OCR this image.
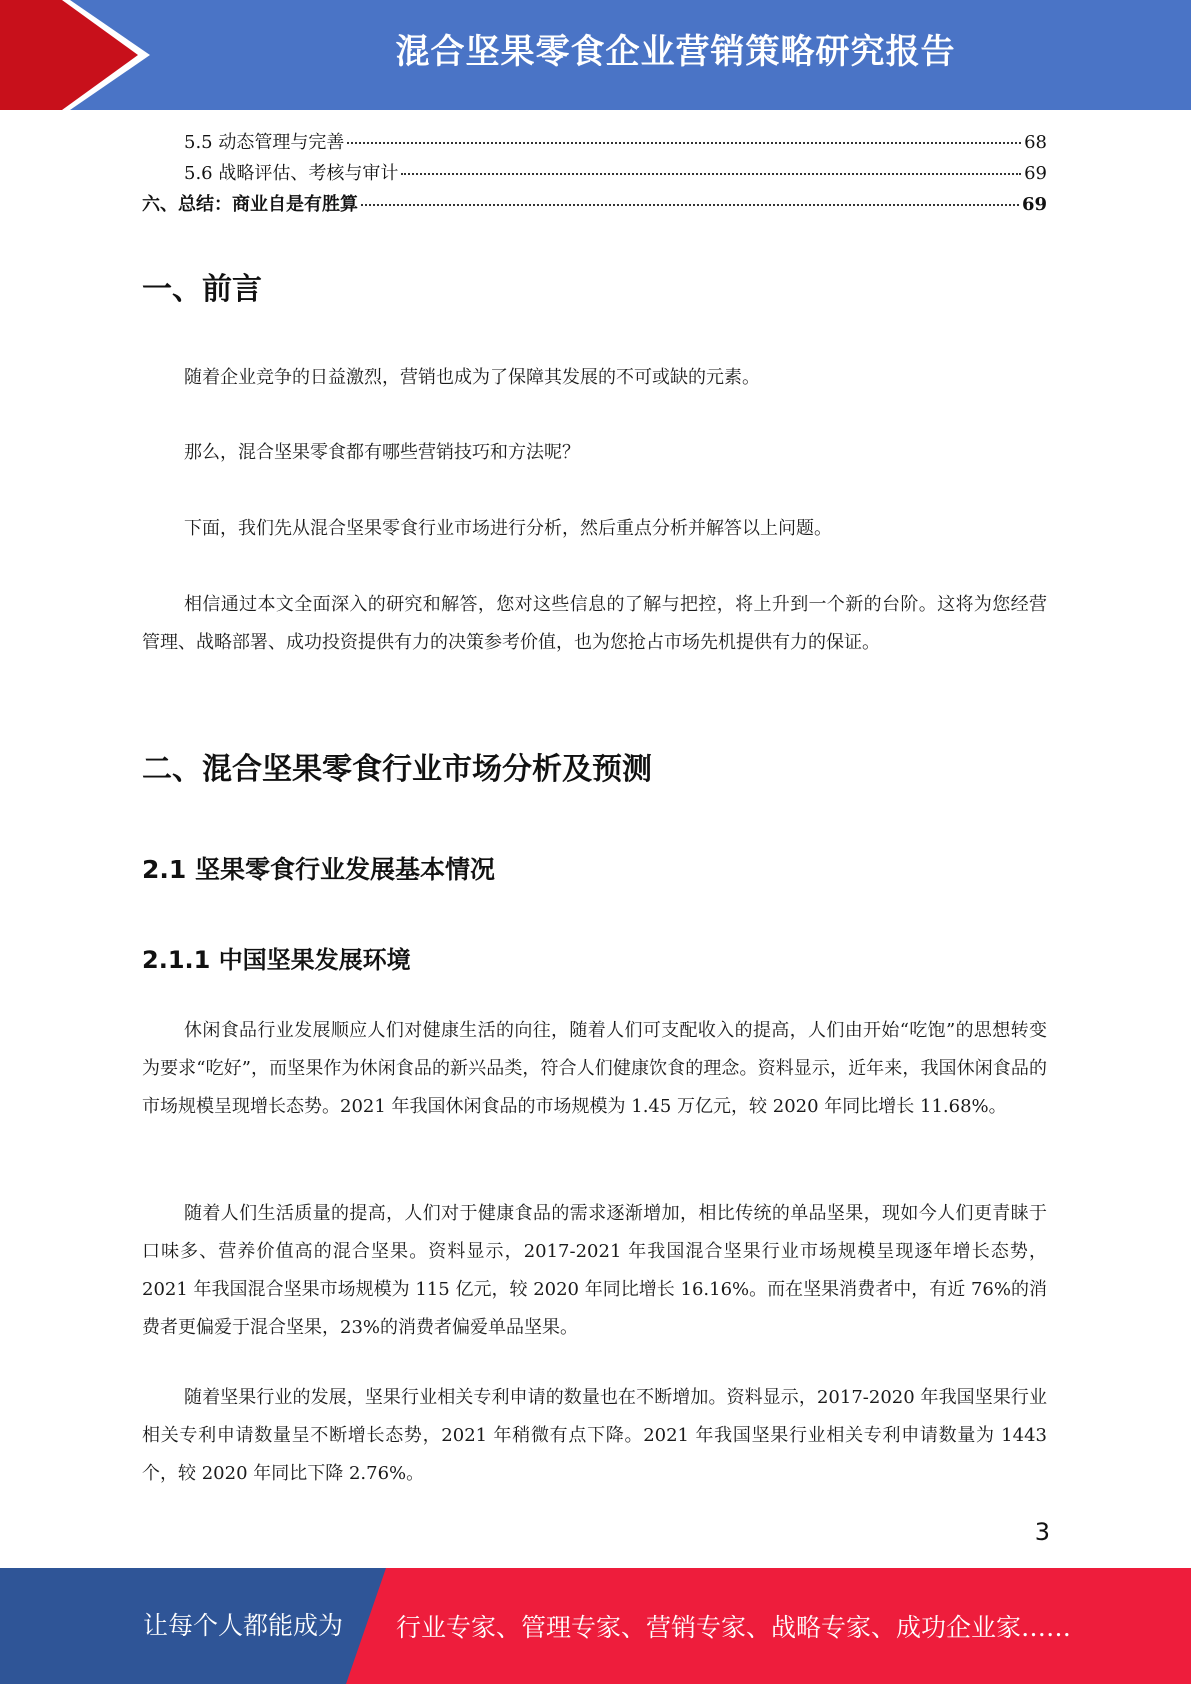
混合坚果零食企业营销策略研究报告
5.5 动态管理与完善	68
5.6 战略评估、考核与审计	69
六、总结：商业自是有胜算	69
一、前言

随着企业竞争的日益激烈，营销也成为了保障其发展的不可或缺的元素。

那么，混合坚果零食都有哪些营销技巧和方法呢？

下面，我们先从混合坚果零食行业市场进行分析，然后重点分析并解答以上问题。

相信通过本文全面深入的研究和解答，您对这些信息的了解与把控，将上升到一个新的台阶。这将为您经营管理、战略部署、成功投资提供有力的决策参考价值，也为您抢占市场先机提供有力的保证。

二、混合坚果零食行业市场分析及预测
2.1 坚果零食行业发展基本情况
2.1.1 中国坚果发展环境

休闲食品行业发展顺应人们对健康生活的向往，随着人们可支配收入的提高，人们由开始“吃饱”的思想转变为要求“吃好”，而坚果作为休闲食品的新兴品类，符合人们健康饮食的理念。资料显示，近年来，我国休闲食品的市场规模呈现增长态势。2021 年我国休闲食品的市场规模为 1.45 万亿元，较 2020 年同比增长 11.68%。

随着人们生活质量的提高，人们对于健康食品的需求逐渐增加，相比传统的单品坚果，现如今人们更青睐于口味多、营养价值高的混合坚果。资料显示，2017-2021 年我国混合坚果行业市场规模呈现逐年增长态势，2021 年我国混合坚果市场规模为 115 亿元，较 2020 年同比增长 16.16%。而在坚果消费者中，有近 76%的消费者更偏爱于混合坚果，23%的消费者偏爱单品坚果。

随着坚果行业的发展，坚果行业相关专利申请的数量也在不断增加。资料显示，2017-2020 年我国坚果行业相关专利申请数量呈不断增长态势，2021 年稍微有点下降。2021 年我国坚果行业相关专利申请数量为 1443 个，较 2020 年同比下降 2.76%。

3
让每个人都能成为 行业专家、管理专家、营销专家、战略专家、成功企业家……
